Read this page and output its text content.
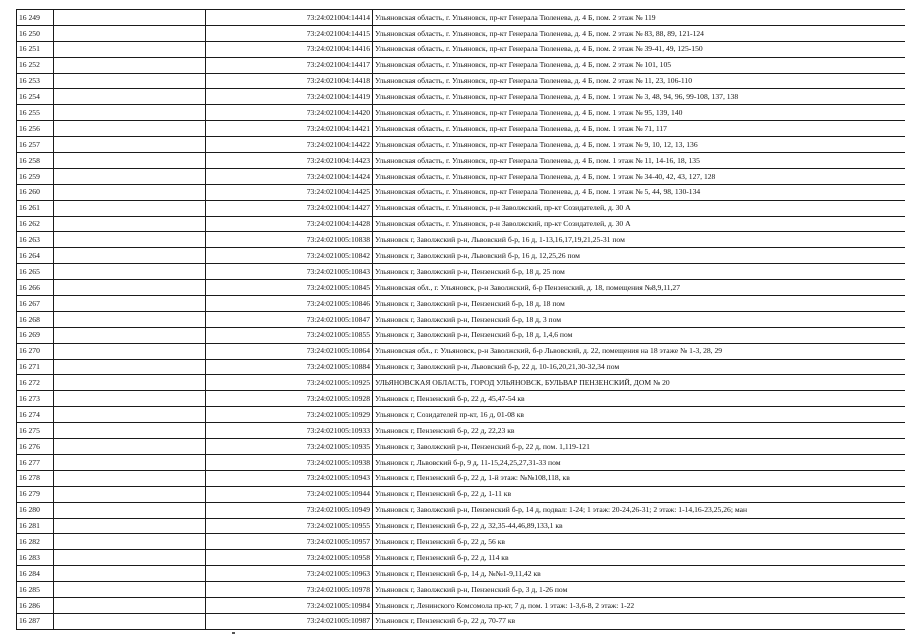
16 249		73:24:021004:14414	Ульяновская область, г. Ульяновск, пр-кт Генерала Тюленева, д. 4 Б, пом. 2 этаж № 119
16 250		73:24:021004:14415	Ульяновская область, г. Ульяновск, пр-кт Генерала Тюленева, д. 4 Б, пом. 2 этаж № 83, 88, 89, 121-124
16 251		73:24:021004:14416	Ульяновская область, г. Ульяновск, пр-кт Генерала Тюленева, д. 4 Б, пом. 2 этаж № 39-41, 49, 125-150
16 252		73:24:021004:14417	Ульяновская область, г. Ульяновск, пр-кт Генерала Тюленева, д. 4 Б, пом. 2 этаж № 101, 105
16 253		73:24:021004:14418	Ульяновская область, г. Ульяновск, пр-кт Генерала Тюленева, д. 4 Б, пом. 2 этаж № 11, 23, 106-110
16 254		73:24:021004:14419	Ульяновская область, г. Ульяновск, пр-кт Генерала Тюленева, д. 4 Б, пом. 1 этаж № 3, 48, 94, 96, 99-108, 137, 138
16 255		73:24:021004:14420	Ульяновская область, г. Ульяновск, пр-кт Генерала Тюленева, д. 4 Б, пом. 1 этаж № 95, 139, 140
16 256		73:24:021004:14421	Ульяновская область, г. Ульяновск, пр-кт Генерала Тюленева, д. 4 Б, пом. 1 этаж № 71, 117
16 257		73:24:021004:14422	Ульяновская область, г. Ульяновск, пр-кт Генерала Тюленева, д. 4 Б, пом. 1 этаж № 9, 10, 12, 13, 136
16 258		73:24:021004:14423	Ульяновская область, г. Ульяновск, пр-кт Генерала Тюленева, д. 4 Б, пом. 1 этаж № 11, 14-16, 18, 135
16 259		73:24:021004:14424	Ульяновская область, г. Ульяновск, пр-кт Генерала Тюленева, д. 4 Б, пом. 1 этаж № 34-40, 42, 43, 127, 128
16 260		73:24:021004:14425	Ульяновская область, г. Ульяновск, пр-кт Генерала Тюленева, д. 4 Б, пом. 1 этаж № 5, 44, 98, 130-134
16 261		73:24:021004:14427	Ульяновская область, г. Ульяновск, р-н Заволжский, пр-кт Созидателей, д. 30 А
16 262		73:24:021004:14428	Ульяновская область, г. Ульяновск, р-н Заволжский, пр-кт Созидателей, д. 30 А
16 263		73:24:021005:10838	Ульяновск г, Заволжский р-н, Львовский б-р, 16 д, 1-13,16,17,19,21,25-31 пом
16 264		73:24:021005:10842	Ульяновск г, Заволжский р-н, Львовский б-р, 16 д, 12,25,26 пом
16 265		73:24:021005:10843	Ульяновск г, Заволжский р-н, Пензенский б-р, 18 д, 25 пом
16 266		73:24:021005:10845	Ульяновская обл., г. Ульяновск, р-н Заволжский, б-р Пензенский, д. 18, помещения №8,9,11,27
16 267		73:24:021005:10846	Ульяновск г, Заволжский р-н, Пензенский б-р, 18 д, 18 пом
16 268		73:24:021005:10847	Ульяновск г, Заволжский р-н, Пензенский б-р, 18 д, 3 пом
16 269		73:24:021005:10855	Ульяновск г, Заволжский р-н, Пензенский б-р, 18 д, 1,4,6 пом
16 270		73:24:021005:10864	Ульяновская обл., г. Ульяновск, р-н Заволжский, б-р Львовский, д. 22, помещения на 18 этаже № 1-3, 28, 29
16 271		73:24:021005:10884	Ульяновск г, Заволжский р-н, Львовский б-р, 22 д, 10-16,20,21,30-32,34 пом
16 272		73:24:021005:10925	УЛЬЯНОВСКАЯ ОБЛАСТЬ, ГОРОД УЛЬЯНОВСК, БУЛЬВАР ПЕНЗЕНСКИЙ, ДОМ № 20
16 273		73:24:021005:10928	Ульяновск г, Пензенский б-р, 22 д, 45,47-54 кв
16 274		73:24:021005:10929	Ульяновск г, Созидателей пр-кт, 16 д, 01-08 кв
16 275		73:24:021005:10933	Ульяновск г, Пензенский б-р, 22 д, 22,23 кв
16 276		73:24:021005:10935	Ульяновск г, Заволжский р-н, Пензенский б-р, 22 д, пом. 1,119-121
16 277		73:24:021005:10938	Ульяновск г, Львовский б-р, 9 д, 11-15,24,25,27,31-33 пом
16 278		73:24:021005:10943	Ульяновск г, Пензенский б-р, 22 д, 1-й этаж: №№108,118, кв
16 279		73:24:021005:10944	Ульяновск г, Пензенский б-р, 22 д, 1-11 кв
16 280		73:24:021005:10949	Ульяновск г, Заволжский р-н, Пензенский б-р, 14 д, подвал: 1-24; 1 этаж: 20-24,26-31; 2 этаж: 1-14,16-23,25,26; ман
16 281		73:24:021005:10955	Ульяновск г, Пензенский б-р, 22 д, 32,35-44,46,89,133,1 кв
16 282		73:24:021005:10957	Ульяновск г, Пензенский б-р, 22 д, 56 кв
16 283		73:24:021005:10958	Ульяновск г, Пензенский б-р, 22 д, 114 кв
16 284		73:24:021005:10963	Ульяновск г, Пензенский б-р, 14 д, №№1-9,11,42 кв
16 285		73:24:021005:10978	Ульяновск г, Заволжский р-н, Пензенский б-р, 3 д, 1-26 пом
16 286		73:24:021005:10984	Ульяновск г, Ленинского Комсомола пр-кт, 7 д, пом. 1 этаж: 1-3,6-8, 2 этаж: 1-22
16 287		73:24:021005:10987	Ульяновск г, Пензенский б-р, 22 д, 70-77 кв
